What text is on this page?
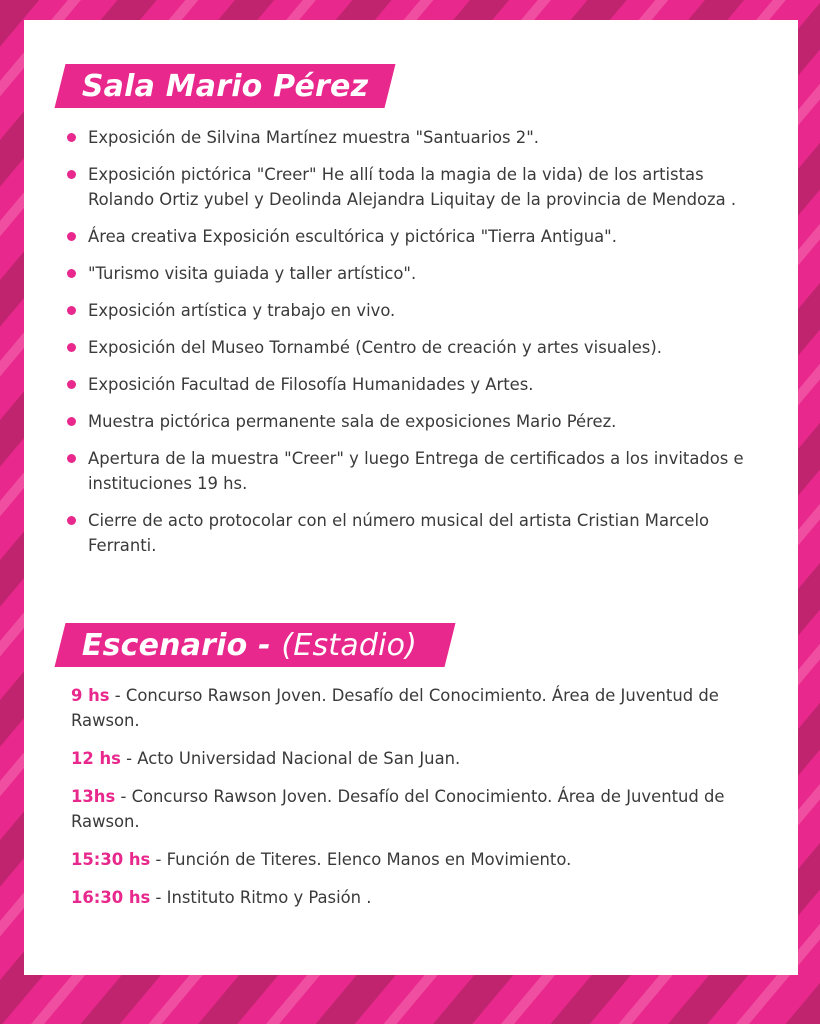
Sala Mario Pérez
Exposición de Silvina Martínez muestra "Santuarios 2".
Exposición pictórica "Creer" He allí toda la magia de la vida) de los artistas Rolando Ortiz yubel y Deolinda Alejandra Liquitay de la provincia de Mendoza .
Área creativa Exposición escultórica y pictórica "Tierra Antigua".
"Turismo visita guiada y taller artístico".
Exposición artística y trabajo en vivo.
Exposición del Museo Tornambé (Centro de creación y artes visuales).
Exposición Facultad de Filosofía Humanidades y Artes.
Muestra pictórica permanente sala de exposiciones Mario Pérez.
Apertura de la muestra "Creer" y luego Entrega de certificados a los invitados e instituciones 19 hs.
Cierre de acto protocolar con el número musical del artista Cristian Marcelo Ferranti.
Escenario - (Estadio)
9 hs - Concurso Rawson Joven. Desafío del Conocimiento. Área de Juventud de Rawson.
12 hs - Acto Universidad Nacional de San Juan.
13hs - Concurso Rawson Joven. Desafío del Conocimiento. Área de Juventud de Rawson.
15:30 hs - Función de Titeres. Elenco Manos en Movimiento.
16:30 hs - Instituto Ritmo y Pasión .
